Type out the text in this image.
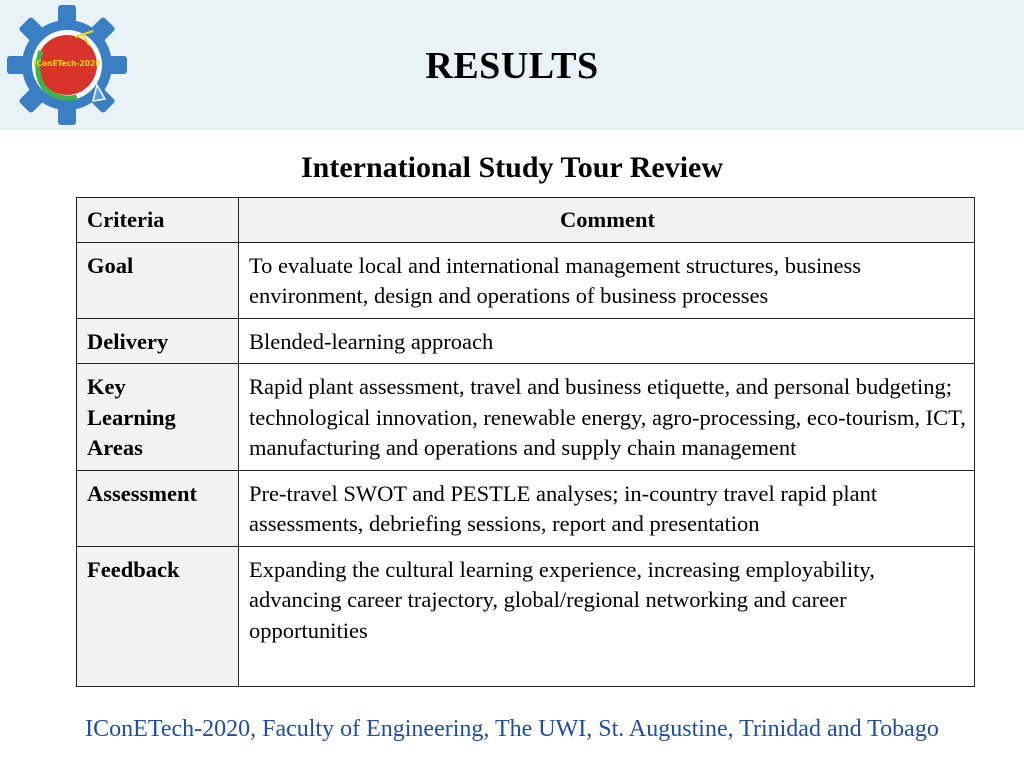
IConETech-2020	RESULTS
International Study Tour Review
Criteria	Comment
Goal	To evaluate local and international management structures, business environment, design and operations of business processes
Delivery	Blended-learning approach
Key Learning Areas	Rapid plant assessment, travel and business etiquette, and personal budgeting; technological innovation, renewable energy, agro-processing, eco-tourism, ICT, manufacturing and operations and supply chain management
Assessment	Pre-travel SWOT and PESTLE analyses; in-country travel rapid plant assessments, debriefing sessions, report and presentation
Feedback	Expanding the cultural learning experience, increasing employability, advancing career trajectory, global/regional networking and career opportunities
IConETech-2020, Faculty of Engineering, The UWI, St. Augustine, Trinidad and Tobago
